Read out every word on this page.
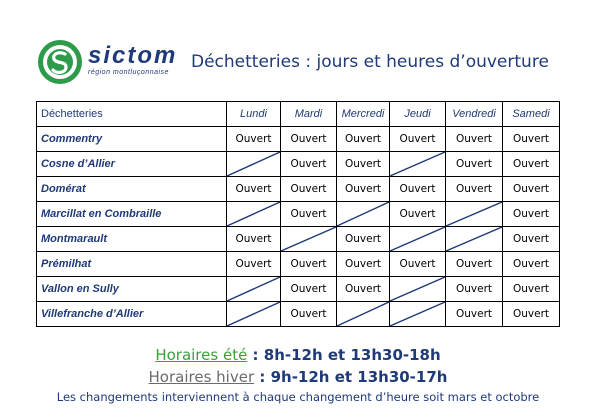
sictom
région montluçonnaise
Déchetteries : jours et heures d’ouverture
Déchetteries	Lundi	Mardi	Mercredi	Jeudi	Vendredi	Samedi
Commentry	Ouvert	Ouvert	Ouvert	Ouvert	Ouvert	Ouvert
Cosne d’Allier		Ouvert	Ouvert		Ouvert	Ouvert
Domérat	Ouvert	Ouvert	Ouvert	Ouvert	Ouvert	Ouvert
Marcillat en Combraille		Ouvert		Ouvert		Ouvert
Montmarault	Ouvert		Ouvert			Ouvert
Prémilhat	Ouvert	Ouvert	Ouvert	Ouvert	Ouvert	Ouvert
Vallon en Sully		Ouvert	Ouvert		Ouvert	Ouvert
Villefranche d’Allier		Ouvert			Ouvert	Ouvert
Horaires été : 8h-12h et 13h30-18h
Horaires hiver : 9h-12h et 13h30-17h
Les changements interviennent à chaque changement d’heure soit mars et octobre
